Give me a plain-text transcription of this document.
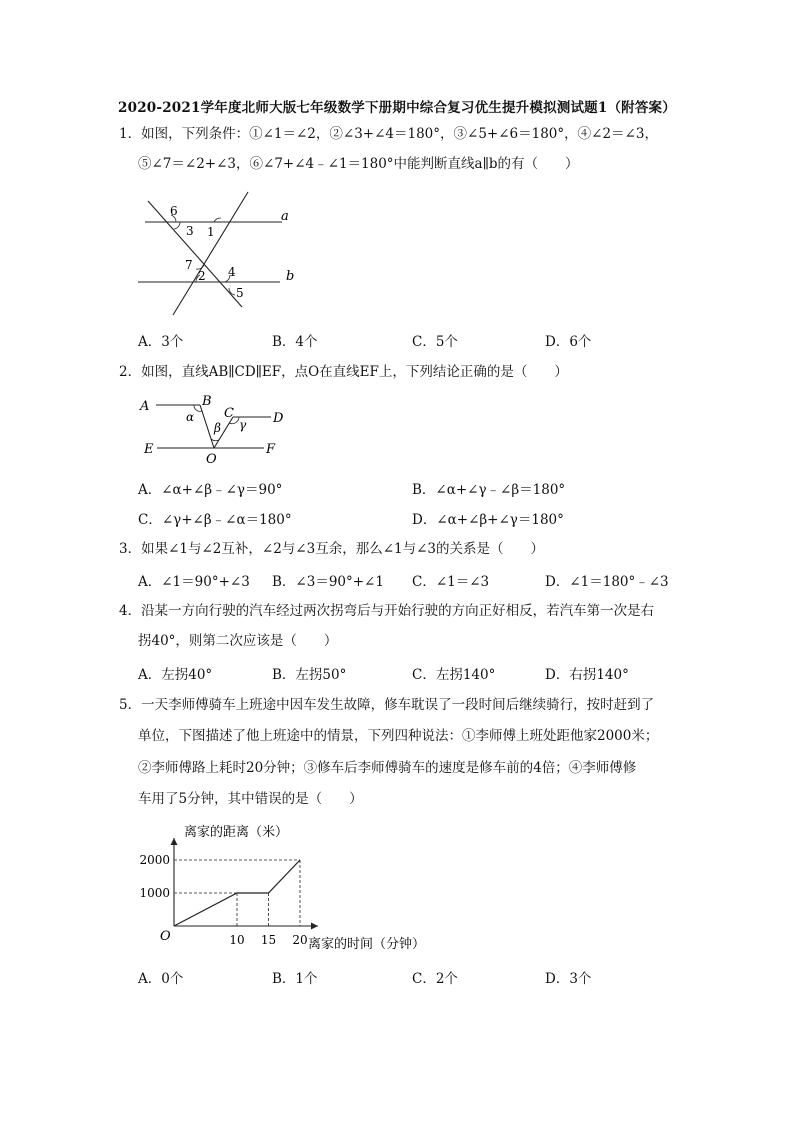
2020-2021学年度北师大版七年级数学下册期中综合复习优生提升模拟测试题1（附答案）
1．如图，下列条件：①∠1＝∠2，②∠3+∠4＝180°，③∠5+∠6＝180°，④∠2＝∠3，
⑤∠7＝∠2+∠3，⑥∠7+∠4﹣∠1＝180°中能判断直线a∥b的有（　　）
a
b
6
3 1
7
2 4
5
A．3个	B．4个	C．5个	D．6个
2．如图，直线AB∥CD∥EF，点O在直线EF上，下列结论正确的是（　　）
A	B
C	D
E	F
O
α
β γ
A．∠α+∠β﹣∠γ＝90°	B．∠α+∠γ﹣∠β＝180°
C．∠γ+∠β﹣∠α＝180°	D．∠α+∠β+∠γ＝180°
3．如果∠1与∠2互补，∠2与∠3互余，那么∠1与∠3的关系是（　　）
A．∠1＝90°+∠3 B．∠3＝90°+∠1 C．∠1＝∠3	D．∠1＝180°﹣∠3
4．沿某一方向行驶的汽车经过两次拐弯后与开始行驶的方向正好相反，若汽车第一次是右
拐40°，则第二次应该是（　　）
A．左拐40°	B．左拐50°	C．左拐140°	D．右拐140°
5．一天李师傅骑车上班途中因车发生故障，修车耽误了一段时间后继续骑行，按时赶到了
单位，下图描述了他上班途中的情景，下列四种说法：①李师傅上班处距他家2000米；
②李师傅路上耗时20分钟；③修车后李师傅骑车的速度是修车前的4倍；④李师傅修
车用了5分钟，其中错误的是（　　）
离家的距离（米）
离家的时间（分钟）
O
1000
2000
10 15 20
A．0个	B．1个	C．2个	D．3个
